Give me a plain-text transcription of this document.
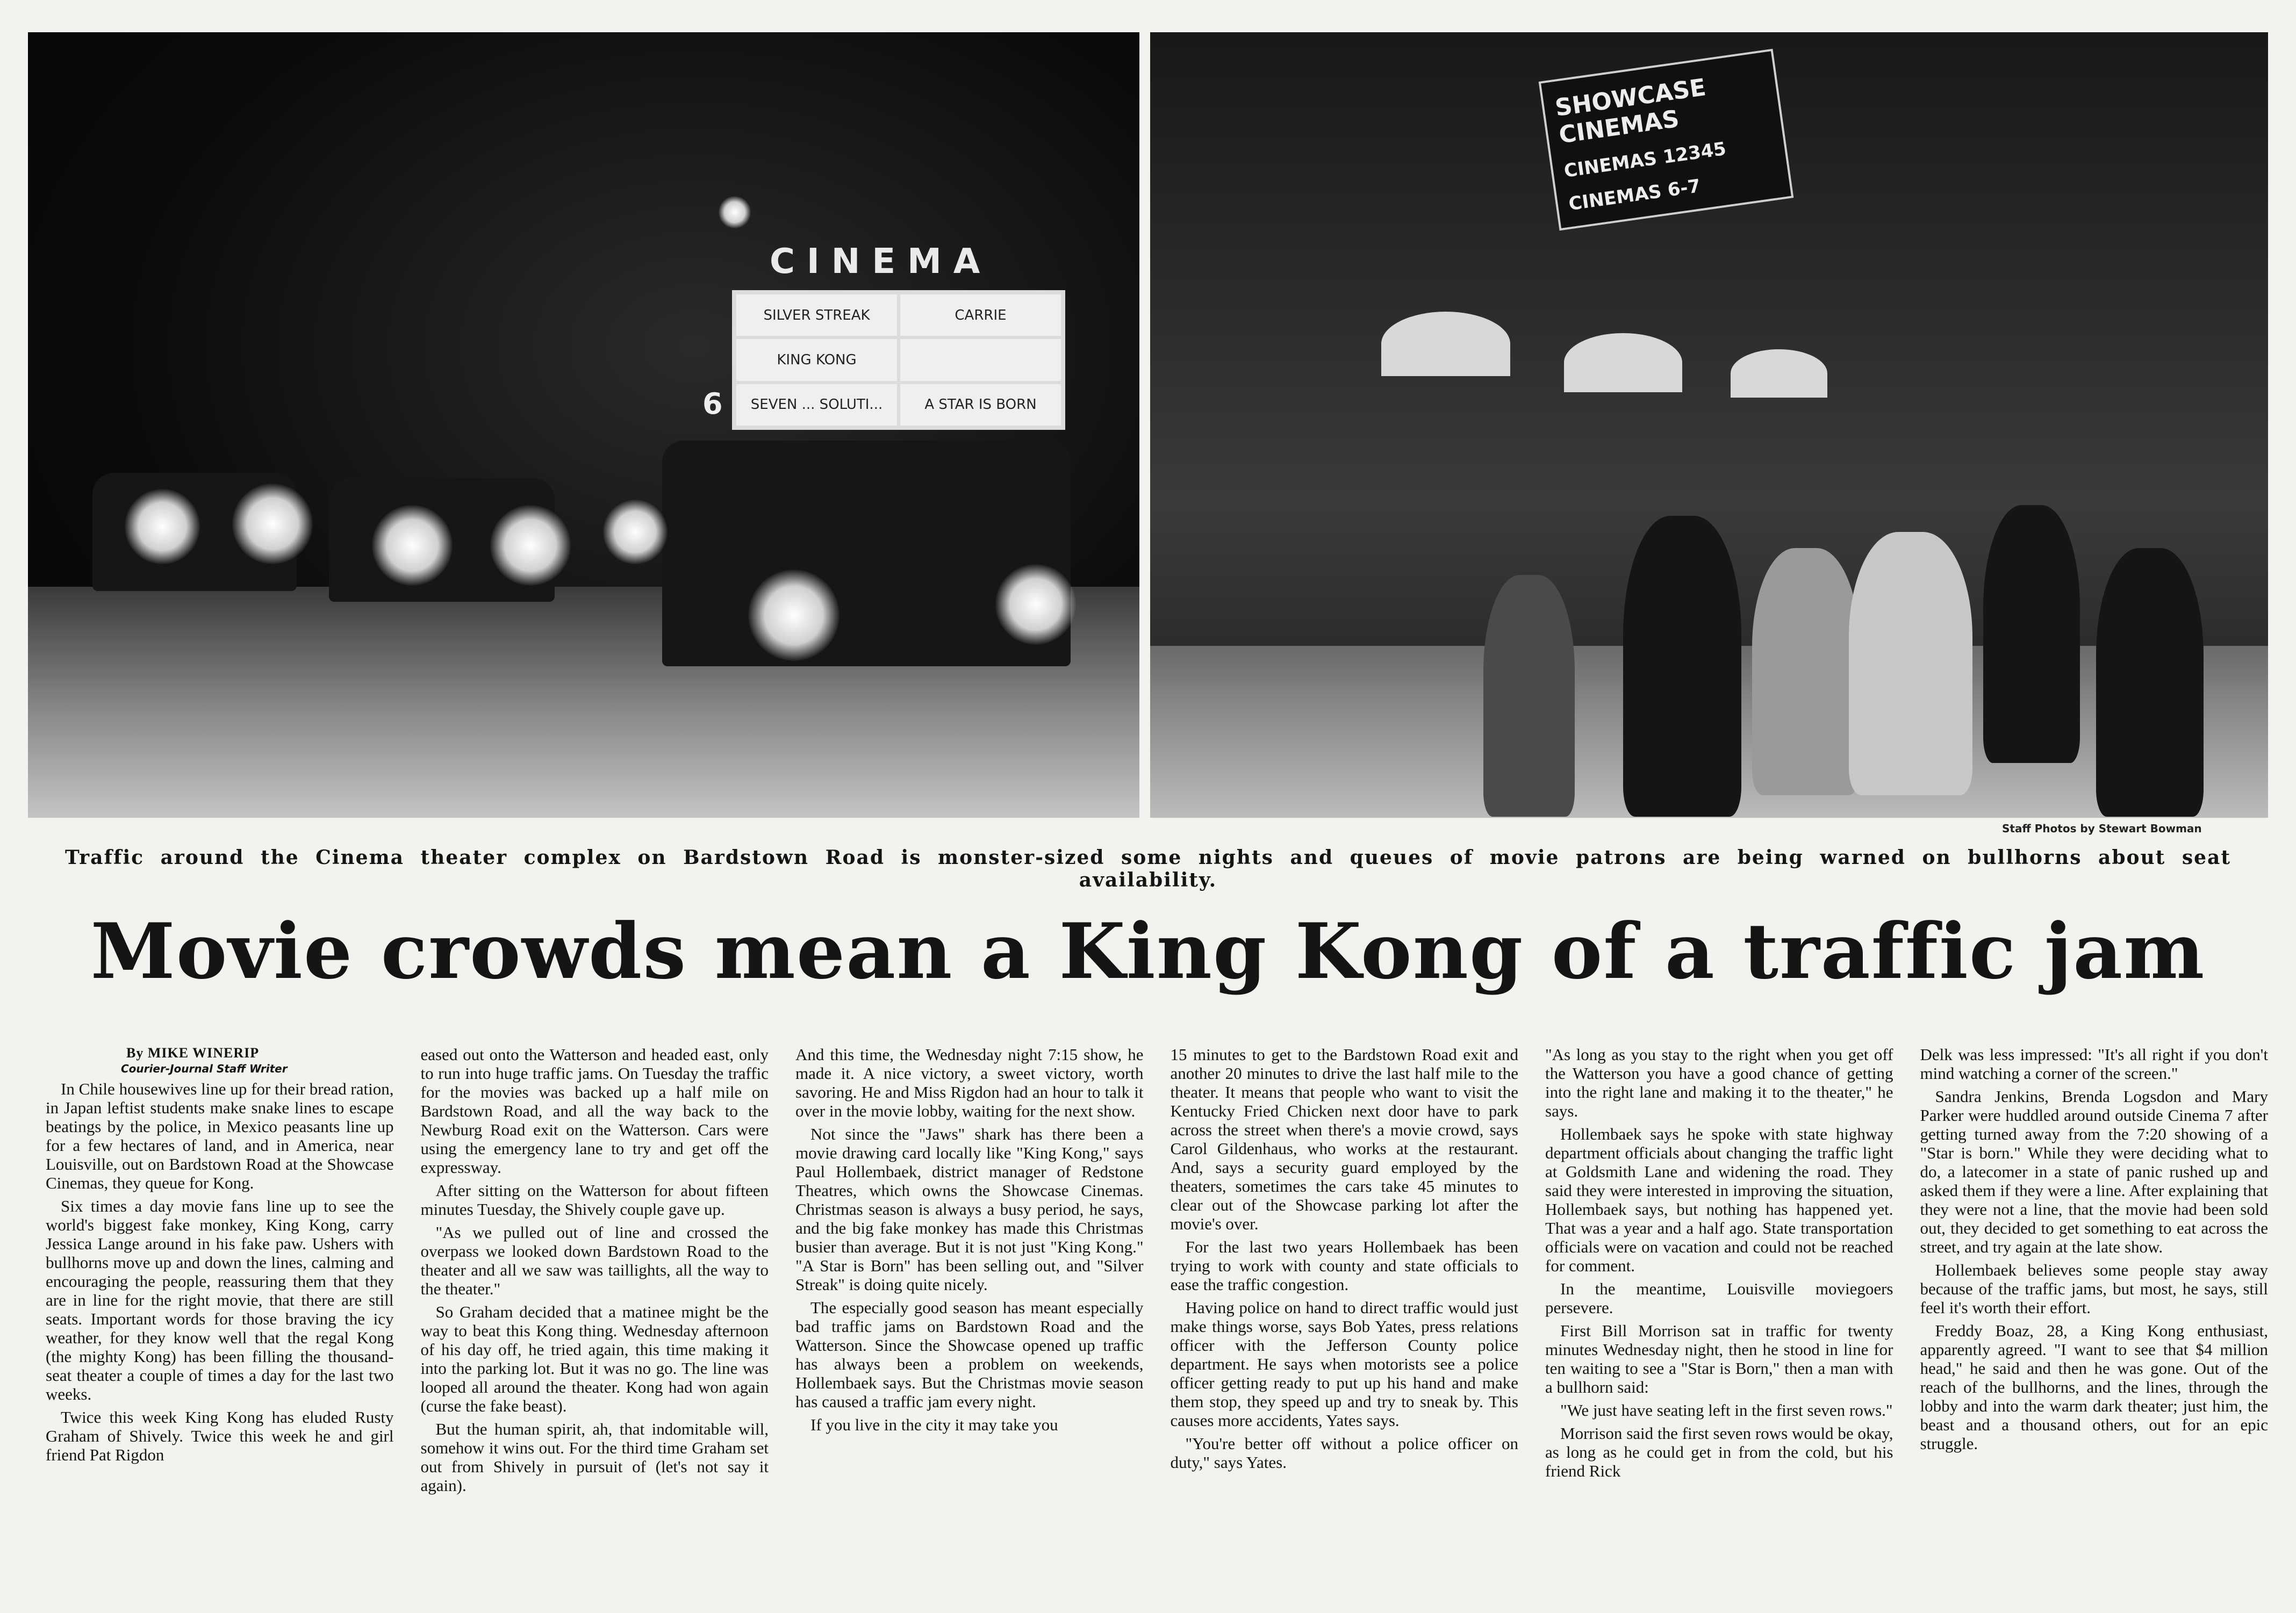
CINEMA
SILVER STREAK	CARRIE
KING KONG
SEVEN ... SOLUTI...	A STAR IS BORN
6
SHOWCASE CINEMAS
CINEMAS 12345
CINEMAS 6-7
Staff Photos by Stewart Bowman
Traffic around the Cinema theater complex on Bardstown Road is monster-sized some nights and queues of movie patrons are being warned on bullhorns about seat availability.
Movie crowds mean a King Kong of a traffic jam
By MIKE WINERIP
Courier-Journal Staff Writer

In Chile housewives line up for their bread ration, in Japan leftist students make snake lines to escape beatings by the police, in Mexico peasants line up for a few hectares of land, and in America, near Louisville, out on Bardstown Road at the Showcase Cinemas, they queue for Kong.

Six times a day movie fans line up to see the world's biggest fake monkey, King Kong, carry Jessica Lange around in his fake paw. Ushers with bullhorns move up and down the lines, calming and encouraging the people, reassuring them that they are in line for the right movie, that there are still seats. Important words for those braving the icy weather, for they know well that the regal Kong (the mighty Kong) has been filling the thousand-seat theater a couple of times a day for the last two weeks.

Twice this week King Kong has eluded Rusty Graham of Shively. Twice this week he and girl friend Pat Rigdon

eased out onto the Watterson and headed east, only to run into huge traffic jams. On Tuesday the traffic for the movies was backed up a half mile on Bardstown Road, and all the way back to the Newburg Road exit on the Watterson. Cars were using the emergency lane to try and get off the expressway.

After sitting on the Watterson for about fifteen minutes Tuesday, the Shively couple gave up.

"As we pulled out of line and crossed the overpass we looked down Bardstown Road to the theater and all we saw was taillights, all the way to the theater."

So Graham decided that a matinee might be the way to beat this Kong thing. Wednesday afternoon of his day off, he tried again, this time making it into the parking lot. But it was no go. The line was looped all around the theater. Kong had won again (curse the fake beast).

But the human spirit, ah, that indomitable will, somehow it wins out. For the third time Graham set out from Shively in pursuit of (let's not say it again).

And this time, the Wednesday night 7:15 show, he made it. A nice victory, a sweet victory, worth savoring. He and Miss Rigdon had an hour to talk it over in the movie lobby, waiting for the next show.

Not since the "Jaws" shark has there been a movie drawing card locally like "King Kong," says Paul Hollembaek, district manager of Redstone Theatres, which owns the Showcase Cinemas. Christmas season is always a busy period, he says, and the big fake monkey has made this Christmas busier than average. But it is not just "King Kong." "A Star is Born" has been selling out, and "Silver Streak" is doing quite nicely.

The especially good season has meant especially bad traffic jams on Bardstown Road and the Watterson. Since the Showcase opened up traffic has always been a problem on weekends, Hollembaek says. But the Christmas movie season has caused a traffic jam every night.

If you live in the city it may take you

15 minutes to get to the Bardstown Road exit and another 20 minutes to drive the last half mile to the theater. It means that people who want to visit the Kentucky Fried Chicken next door have to park across the street when there's a movie crowd, says Carol Gildenhaus, who works at the restaurant. And, says a security guard employed by the theaters, sometimes the cars take 45 minutes to clear out of the Showcase parking lot after the movie's over.

For the last two years Hollembaek has been trying to work with county and state officials to ease the traffic congestion.

Having police on hand to direct traffic would just make things worse, says Bob Yates, press relations officer with the Jefferson County police department. He says when motorists see a police officer getting ready to put up his hand and make them stop, they speed up and try to sneak by. This causes more accidents, Yates says.

"You're better off without a police officer on duty," says Yates.

"As long as you stay to the right when you get off the Watterson you have a good chance of getting into the right lane and making it to the theater," he says.

Hollembaek says he spoke with state highway department officials about changing the traffic light at Goldsmith Lane and widening the road. They said they were interested in improving the situation, Hollembaek says, but nothing has happened yet. That was a year and a half ago. State transportation officials were on vacation and could not be reached for comment.

In the meantime, Louisville moviegoers persevere.

First Bill Morrison sat in traffic for twenty minutes Wednesday night, then he stood in line for ten waiting to see a "Star is Born," then a man with a bullhorn said:

"We just have seating left in the first seven rows."

Morrison said the first seven rows would be okay, as long as he could get in from the cold, but his friend Rick

Delk was less impressed: "It's all right if you don't mind watching a corner of the screen."

Sandra Jenkins, Brenda Logsdon and Mary Parker were huddled around outside Cinema 7 after getting turned away from the 7:20 showing of a "Star is born." While they were deciding what to do, a latecomer in a state of panic rushed up and asked them if they were a line. After explaining that they were not a line, that the movie had been sold out, they decided to get something to eat across the street, and try again at the late show.

Hollembaek believes some people stay away because of the traffic jams, but most, he says, still feel it's worth their effort.

Freddy Boaz, 28, a King Kong enthusiast, apparently agreed. "I want to see that $4 million head," he said and then he was gone. Out of the reach of the bullhorns, and the lines, through the lobby and into the warm dark theater; just him, the beast and a thousand others, out for an epic struggle.
